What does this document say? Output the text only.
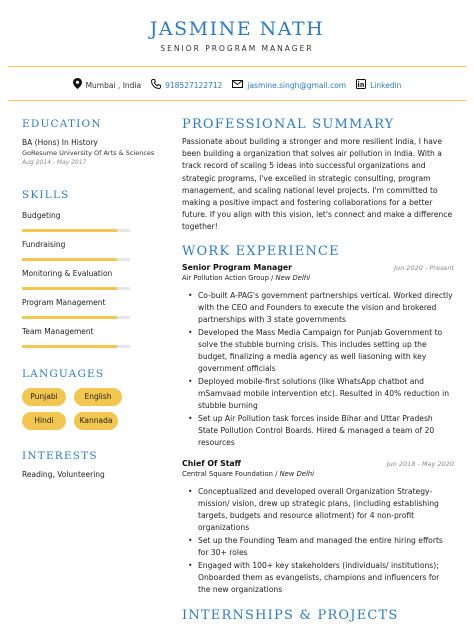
JASMINE NATH
SENIOR PROGRAM MANAGER
Mumbai , India	918527122712	jasmine.singh@gmail.com	Linkedin
EDUCATION
BA (Hons) In History
GoResume University Of Arts & Sciences
Aug 2014 - May 2017
SKILLS
Budgeting
Fundraising
Monitoring & Evaluation
Program Management
Team Management
LANGUAGES
Punjabi	English
Hindi	Kannada
INTERESTS
Reading, Volunteering
PROFESSIONAL SUMMARY
Passionate about building a stronger and more resilient India, I have been building a organization that solves air pollution in India. With a track record of scaling 5 ideas into successful organizations and strategic programs, I've excelled in strategic consulting, program management, and scaling national level projects. I'm committed to making a positive impact and fostering collaborations for a better future. If you align with this vision, let's connect and make a difference together!
WORK EXPERIENCE
Senior Program Manager	Jun 2020 - Present
Air Pollution Action Group / New Delhi
• Co-built A-PAG's government partnerships vertical. Worked directly with the CEO and Founders to execute the vision and brokered partnerships with 3 state governments
• Developed the Mass Media Campaign for Punjab Government to solve the stubble burning crisis. This includes setting up the budget, finalizing a media agency as well liasoning with key government officials
• Deployed mobile-first solutions (like WhatsApp chatbot and mSamvaad mobile intervention etc). Resulted in 40% reduction in stubble burning
• Set up Air Pollution task forces inside Bihar and Uttar Pradesh State Pollution Control Boards. Hired & managed a team of 20 resources
Chief Of Staff	Jun 2018 - May 2020
Central Square Foundation / New Delhi
• Conceptualized and developed overall Organization Strategy- mission/ vision, drew up strategic plans, (including establishing targets, budgets and resource allotment) for 4 non-profit organizations
• Set up the Founding Team and managed the entire hiring efforts for 30+ roles
• Engaged with 100+ key stakeholders (individuals/ institutions); Onboarded them as evangelists, champions and influencers for the new organizations
INTERNSHIPS & PROJECTS
